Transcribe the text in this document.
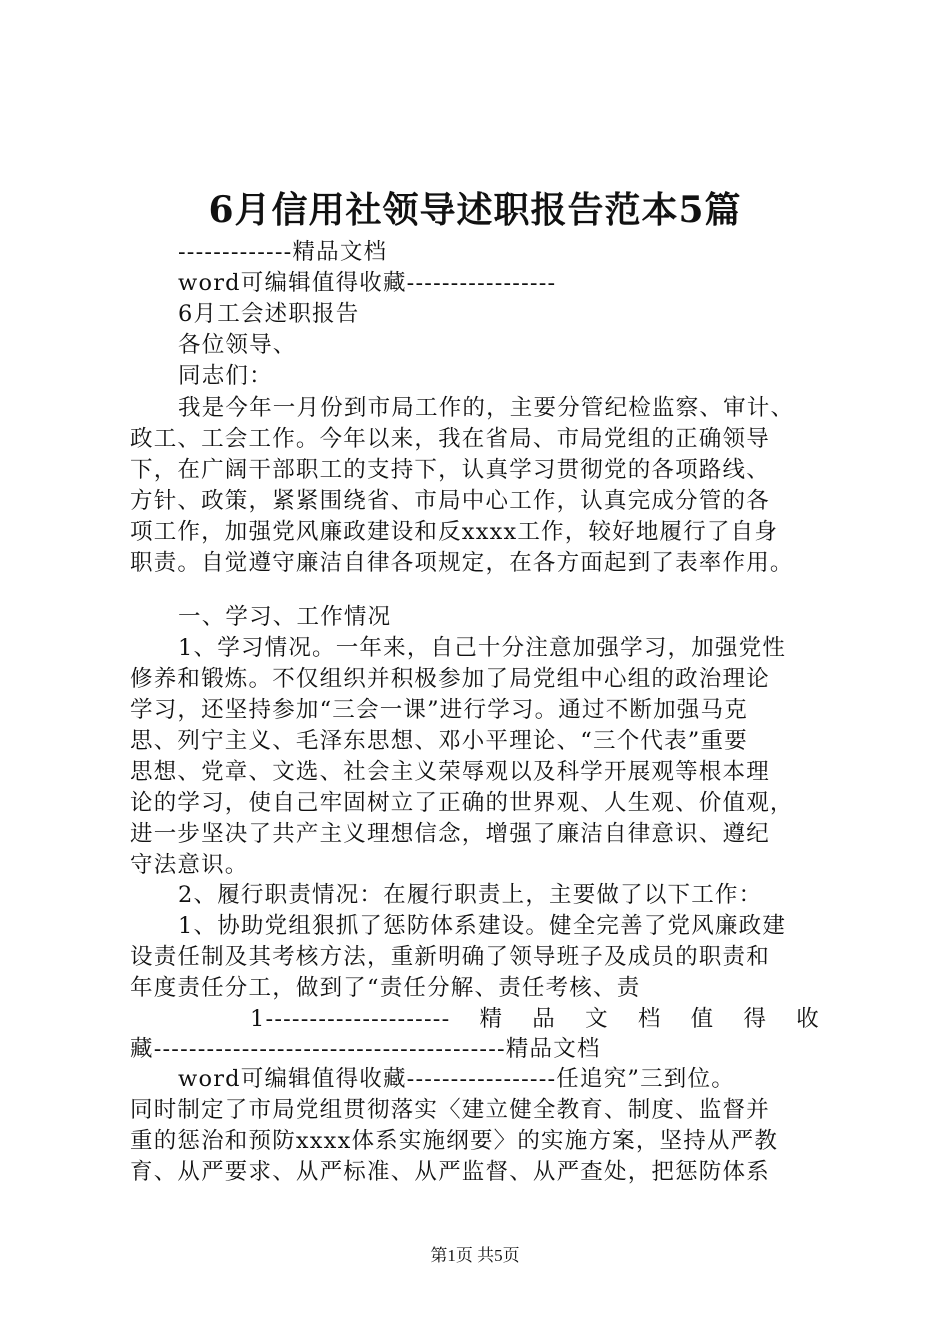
6月信用社领导述职报告范本5篇
-------------精品文档
word可编辑值得收藏-----------------
6月工会述职报告
各位领导、
同志们：
我是今年一月份到市局工作的，主要分管纪检监察、审计、
政工、工会工作。今年以来，我在省局、市局党组的正确领导
下，在广阔干部职工的支持下，认真学习贯彻党的各项路线、
方针、政策，紧紧围绕省、市局中心工作，认真完成分管的各
项工作，加强党风廉政建设和反xxxx工作，较好地履行了自身
职责。自觉遵守廉洁自律各项规定，在各方面起到了表率作用。
一、学习、工作情况
1、学习情况。一年来，自己十分注意加强学习，加强党性
修养和锻炼。不仅组织并积极参加了局党组中心组的政治理论
学习，还坚持参加“三会一课”进行学习。通过不断加强马克
思、列宁主义、毛泽东思想、邓小平理论、“三个代表”重要
思想、党章、文选、社会主义荣辱观以及科学开展观等根本理
论的学习，使自己牢固树立了正确的世界观、人生观、价值观，
进一步坚决了共产主义理想信念，增强了廉洁自律意识、遵纪
守法意识。
2、履行职责情况：在履行职责上，主要做了以下工作：
1、协助党组狠抓了惩防体系建设。健全完善了党风廉政建
设责任制及其考核方法，重新明确了领导班子及成员的职责和
年度责任分工，做到了“责任分解、责任考核、责
1--------------------- 精 品 文 档 值 得 收
藏----------------------------------------精品文档
word可编辑值得收藏-----------------任追究”三到位。
同时制定了市局党组贯彻落实〈建立健全教育、制度、监督并
重的惩治和预防xxxx体系实施纲要〉的实施方案，坚持从严教
育、从严要求、从严标准、从严监督、从严查处，把惩防体系
第1页 共5页
